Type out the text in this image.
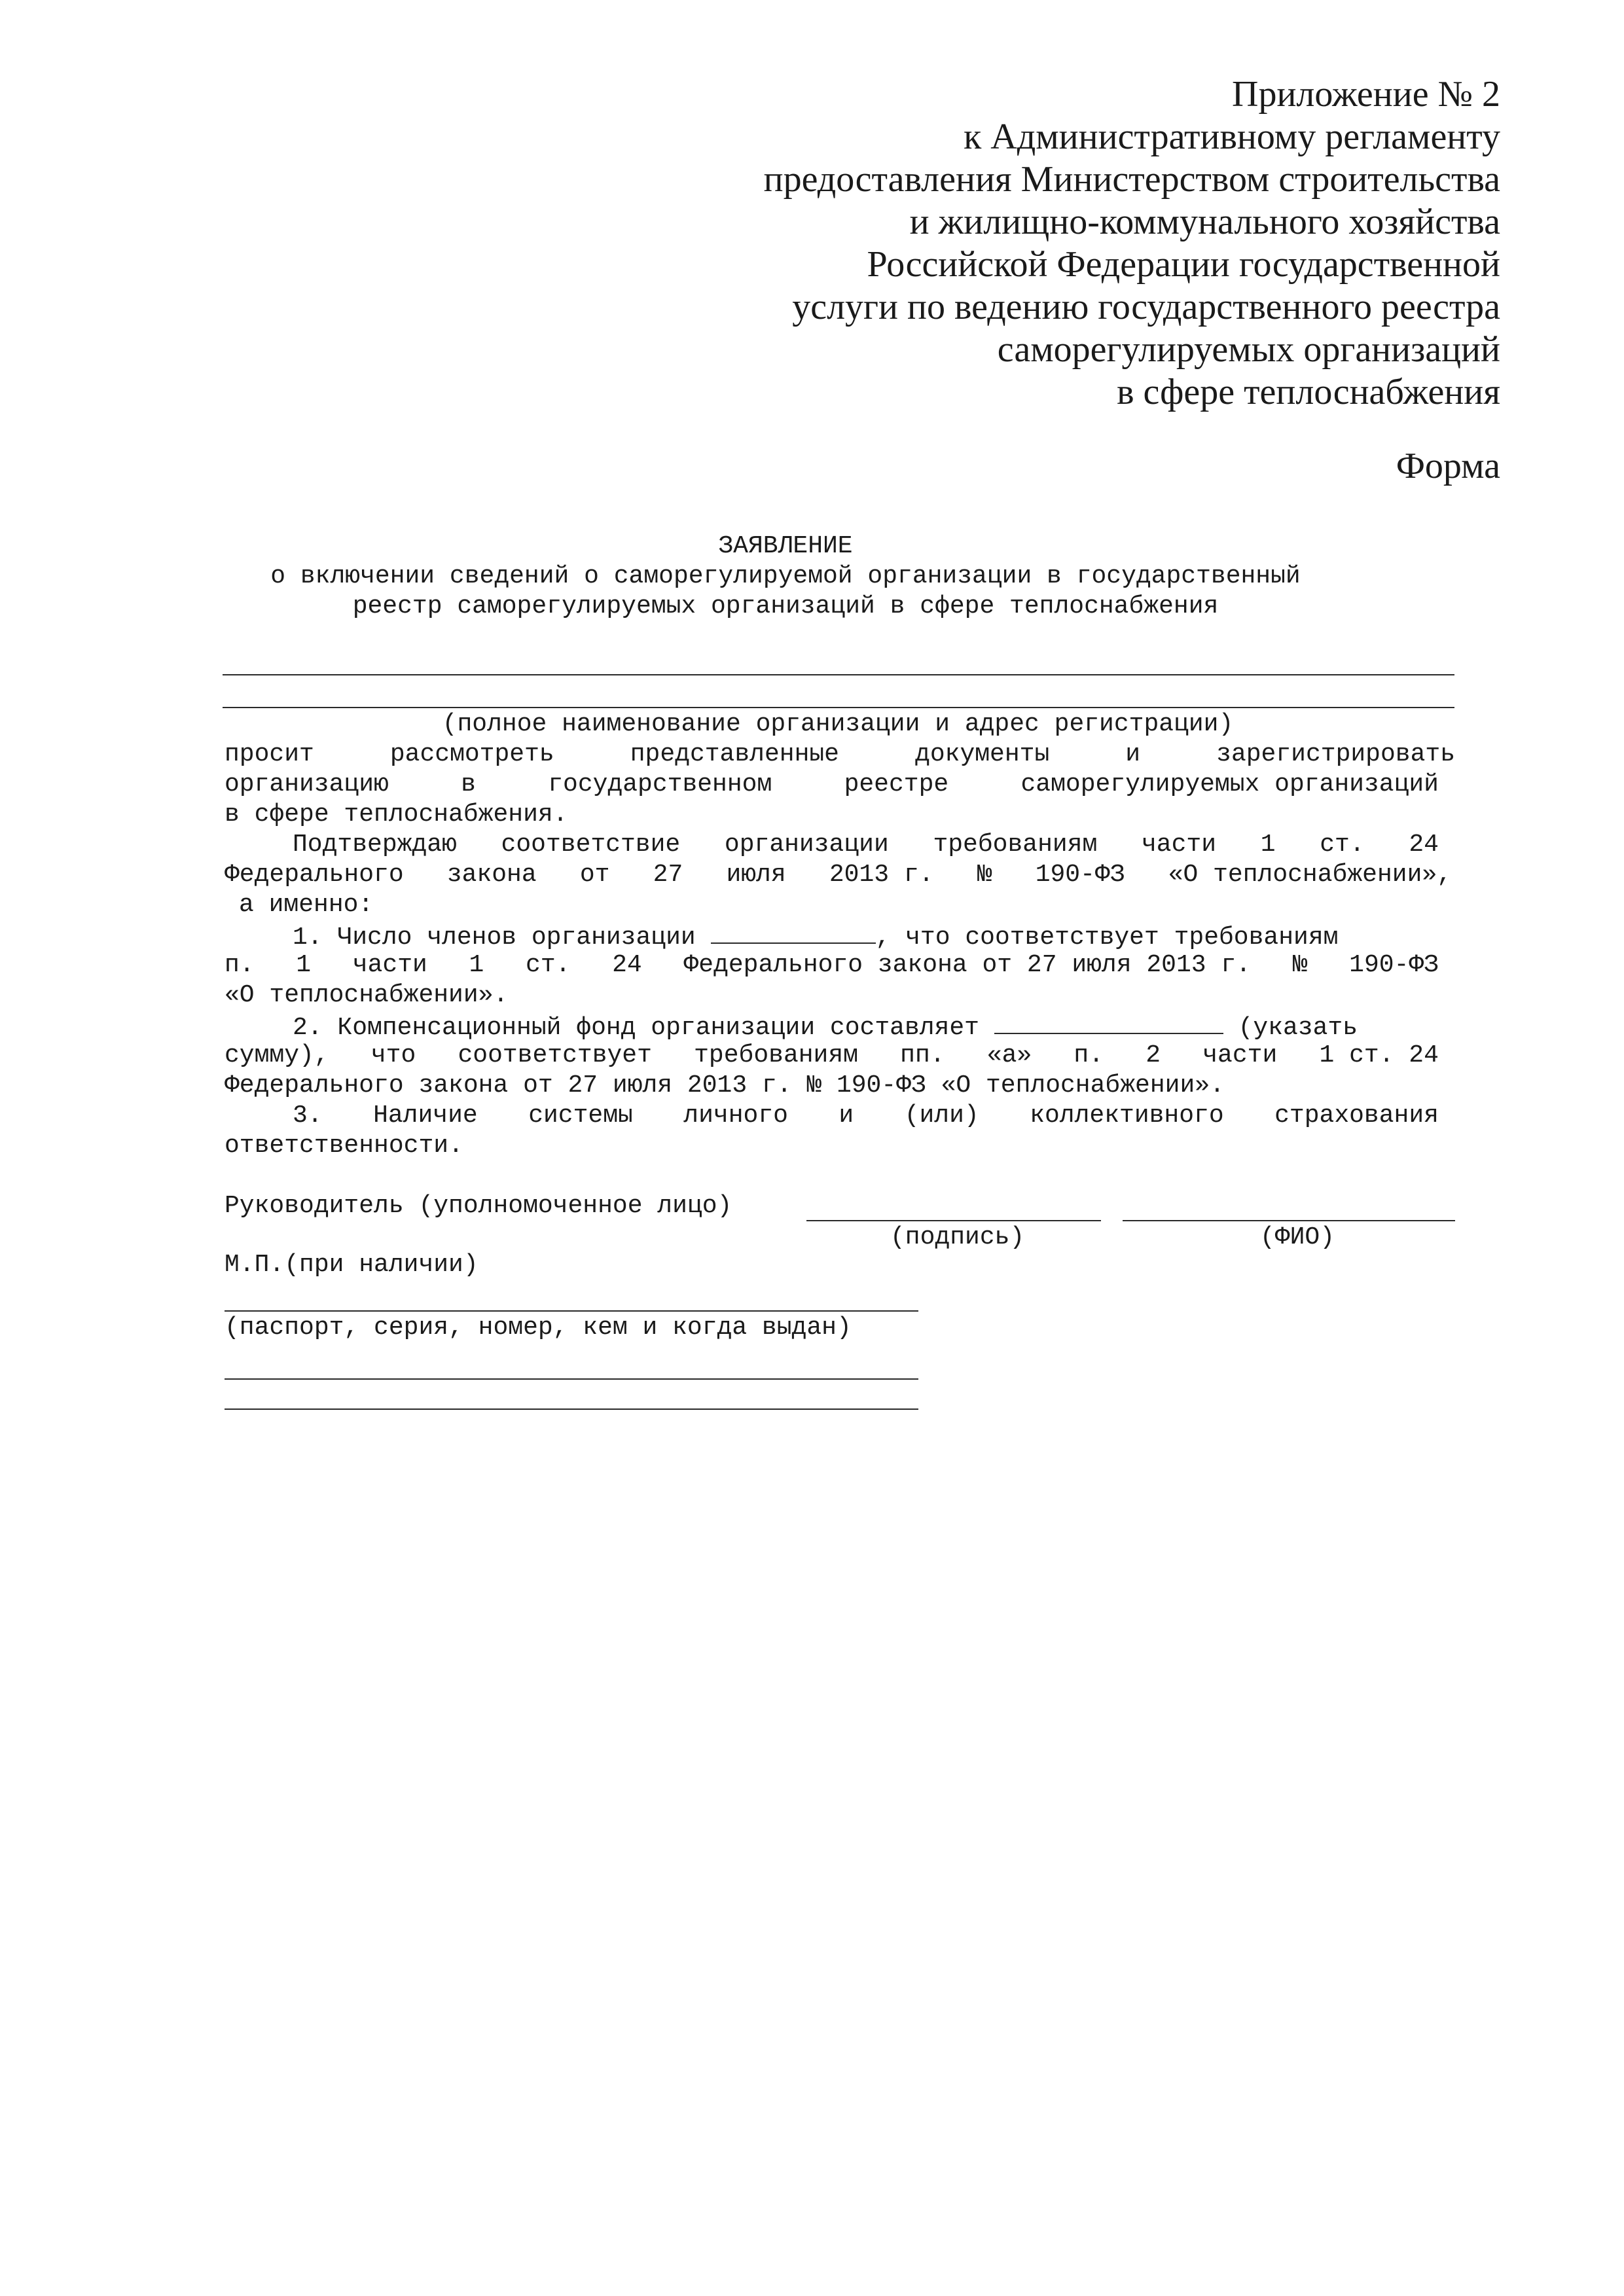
Приложение № 2
к Административному регламенту
предоставления Министерством строительства
и жилищно-коммунального хозяйства
Российской Федерации государственной
услуги по ведению государственного реестра
саморегулируемых организаций
в сфере теплоснабжения
Форма
ЗАЯВЛЕНИЕ
о включении сведений о саморегулируемой организации в государственный
реестр саморегулируемых организаций в сфере теплоснабжения
(полное наименование организации и адрес регистрации)
просит	рассмотреть	представленные	документы	и	зарегистрировать
организацию	в	государственном	реестре	саморегулируемых организаций
в сфере теплоснабжения.
Подтверждаю соответствие организации требованиям части 1 ст. 24
Федерального закона от 27 июля 2013 г. № 190-ФЗ «О теплоснабжении»,
а именно:
1. Число членов организации	, что соответствует требованиям
п. 1 части 1 ст. 24 Федерального закона от 27 июля 2013 г. № 190-ФЗ
«О теплоснабжении».
2. Компенсационный фонд организации составляет	(указать
сумму), что соответствует требованиям пп. «а» п. 2 части 1 ст. 24
Федерального закона от 27 июля 2013 г. № 190-ФЗ «О теплоснабжении».
3. Наличие системы личного и (или) коллективного страхования
ответственности.
Руководитель (уполномоченное лицо)
(подпись)	(ФИО)
М.П.(при наличии)
(паспорт, серия, номер, кем и когда выдан)
